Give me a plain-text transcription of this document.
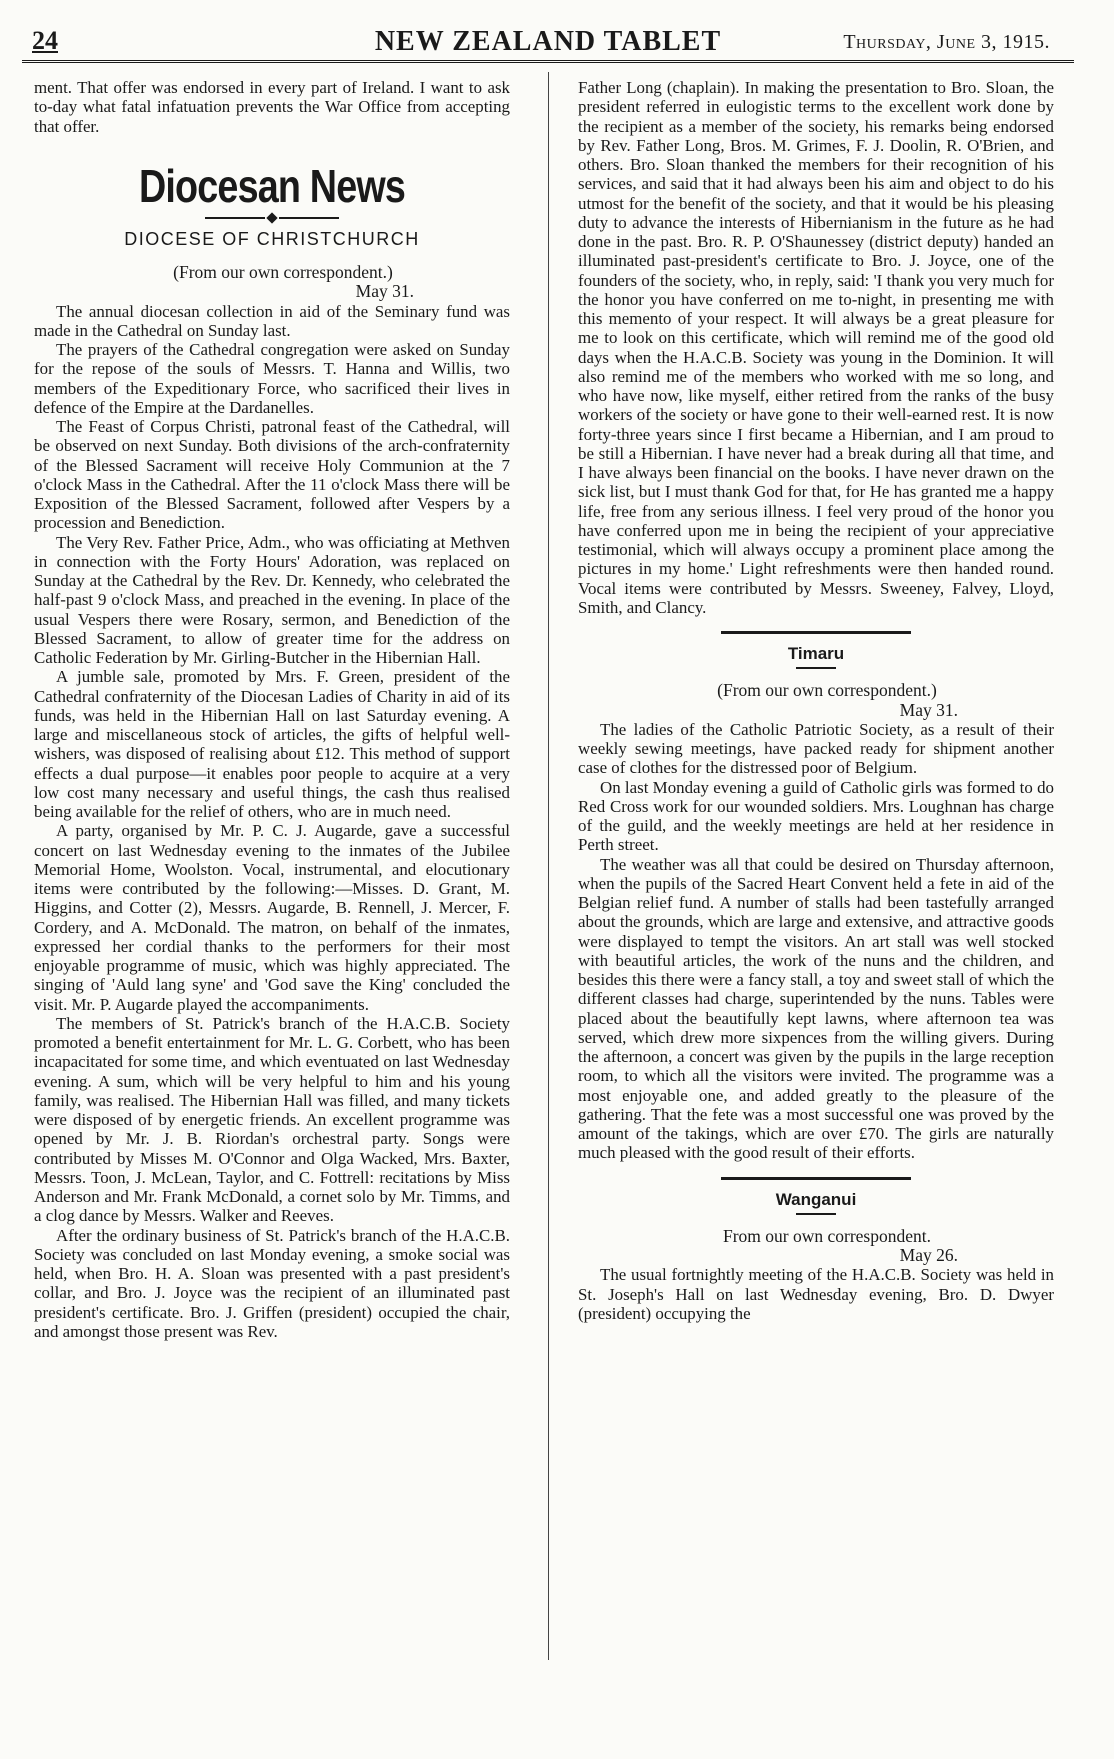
24	NEW ZEALAND TABLET	Thursday, June 3, 1915.

ment. That offer was endorsed in every part of Ireland. I want to ask to-day what fatal infatuation prevents the War Office from accepting that offer.

Diocesan News
DIOCESE OF CHRISTCHURCH

(From our own correspondent.)

May 31.

The annual diocesan collection in aid of the Seminary fund was made in the Cathedral on Sunday last.

The prayers of the Cathedral congregation were asked on Sunday for the repose of the souls of Messrs. T. Hanna and Willis, two members of the Expeditionary Force, who sacrificed their lives in defence of the Empire at the Dardanelles.

The Feast of Corpus Christi, patronal feast of the Cathedral, will be observed on next Sunday. Both divisions of the arch-confraternity of the Blessed Sacrament will receive Holy Communion at the 7 o'clock Mass in the Cathedral. After the 11 o'clock Mass there will be Exposition of the Blessed Sacrament, followed after Vespers by a procession and Benediction.

The Very Rev. Father Price, Adm., who was officiating at Methven in connection with the Forty Hours' Adoration, was replaced on Sunday at the Cathedral by the Rev. Dr. Kennedy, who celebrated the half-past 9 o'clock Mass, and preached in the evening. In place of the usual Vespers there were Rosary, sermon, and Benediction of the Blessed Sacrament, to allow of greater time for the address on Catholic Federation by Mr. Girling-Butcher in the Hibernian Hall.

A jumble sale, promoted by Mrs. F. Green, president of the Cathedral confraternity of the Diocesan Ladies of Charity in aid of its funds, was held in the Hibernian Hall on last Saturday evening. A large and miscellaneous stock of articles, the gifts of helpful well-wishers, was disposed of realising about £12. This method of support effects a dual purpose—it enables poor people to acquire at a very low cost many necessary and useful things, the cash thus realised being available for the relief of others, who are in much need.

A party, organised by Mr. P. C. J. Augarde, gave a successful concert on last Wednesday evening to the inmates of the Jubilee Memorial Home, Woolston. Vocal, instrumental, and elocutionary items were contributed by the following:—Misses. D. Grant, M. Higgins, and Cotter (2), Messrs. Augarde, B. Rennell, J. Mercer, F. Cordery, and A. McDonald. The matron, on behalf of the inmates, expressed her cordial thanks to the performers for their most enjoyable programme of music, which was highly appreciated. The singing of 'Auld lang syne' and 'God save the King' concluded the visit. Mr. P. Augarde played the accompaniments.

The members of St. Patrick's branch of the H.A.C.B. Society promoted a benefit entertainment for Mr. L. G. Corbett, who has been incapacitated for some time, and which eventuated on last Wednesday evening. A sum, which will be very helpful to him and his young family, was realised. The Hibernian Hall was filled, and many tickets were disposed of by energetic friends. An excellent programme was opened by Mr. J. B. Riordan's orchestral party. Songs were contributed by Misses M. O'Connor and Olga Wacked, Mrs. Baxter, Messrs. Toon, J. McLean, Taylor, and C. Fottrell: recitations by Miss Anderson and Mr. Frank McDonald, a cornet solo by Mr. Timms, and a clog dance by Messrs. Walker and Reeves.

After the ordinary business of St. Patrick's branch of the H.A.C.B. Society was concluded on last Monday evening, a smoke social was held, when Bro. H. A. Sloan was presented with a past president's collar, and Bro. J. Joyce was the recipient of an illuminated past president's certificate. Bro. J. Griffen (president) occupied the chair, and amongst those present was Rev.

Father Long (chaplain). In making the presentation to Bro. Sloan, the president referred in eulogistic terms to the excellent work done by the recipient as a member of the society, his remarks being endorsed by Rev. Father Long, Bros. M. Grimes, F. J. Doolin, R. O'Brien, and others. Bro. Sloan thanked the members for their recognition of his services, and said that it had always been his aim and object to do his utmost for the benefit of the society, and that it would be his pleasing duty to advance the interests of Hibernianism in the future as he had done in the past. Bro. R. P. O'Shaunessey (district deputy) handed an illuminated past-president's certificate to Bro. J. Joyce, one of the founders of the society, who, in reply, said: 'I thank you very much for the honor you have conferred on me to-night, in presenting me with this memento of your respect. It will always be a great pleasure for me to look on this certificate, which will remind me of the good old days when the H.A.C.B. Society was young in the Dominion. It will also remind me of the members who worked with me so long, and who have now, like myself, either retired from the ranks of the busy workers of the society or have gone to their well-earned rest. It is now forty-three years since I first became a Hibernian, and I am proud to be still a Hibernian. I have never had a break during all that time, and I have always been financial on the books. I have never drawn on the sick list, but I must thank God for that, for He has granted me a happy life, free from any serious illness. I feel very proud of the honor you have conferred upon me in being the recipient of your appreciative testimonial, which will always occupy a prominent place among the pictures in my home.' Light refreshments were then handed round. Vocal items were contributed by Messrs. Sweeney, Falvey, Lloyd, Smith, and Clancy.

Timaru

(From our own correspondent.)

May 31.

The ladies of the Catholic Patriotic Society, as a result of their weekly sewing meetings, have packed ready for shipment another case of clothes for the distressed poor of Belgium.

On last Monday evening a guild of Catholic girls was formed to do Red Cross work for our wounded soldiers. Mrs. Loughnan has charge of the guild, and the weekly meetings are held at her residence in Perth street.

The weather was all that could be desired on Thursday afternoon, when the pupils of the Sacred Heart Convent held a fete in aid of the Belgian relief fund. A number of stalls had been tastefully arranged about the grounds, which are large and extensive, and attractive goods were displayed to tempt the visitors. An art stall was well stocked with beautiful articles, the work of the nuns and the children, and besides this there were a fancy stall, a toy and sweet stall of which the different classes had charge, superintended by the nuns. Tables were placed about the beautifully kept lawns, where afternoon tea was served, which drew more sixpences from the willing givers. During the afternoon, a concert was given by the pupils in the large reception room, to which all the visitors were invited. The programme was a most enjoyable one, and added greatly to the pleasure of the gathering. That the fete was a most successful one was proved by the amount of the takings, which are over £70. The girls are naturally much pleased with the good result of their efforts.

Wanganui

From our own correspondent.

May 26.

The usual fortnightly meeting of the H.A.C.B. Society was held in St. Joseph's Hall on last Wednesday evening, Bro. D. Dwyer (president) occupying the
